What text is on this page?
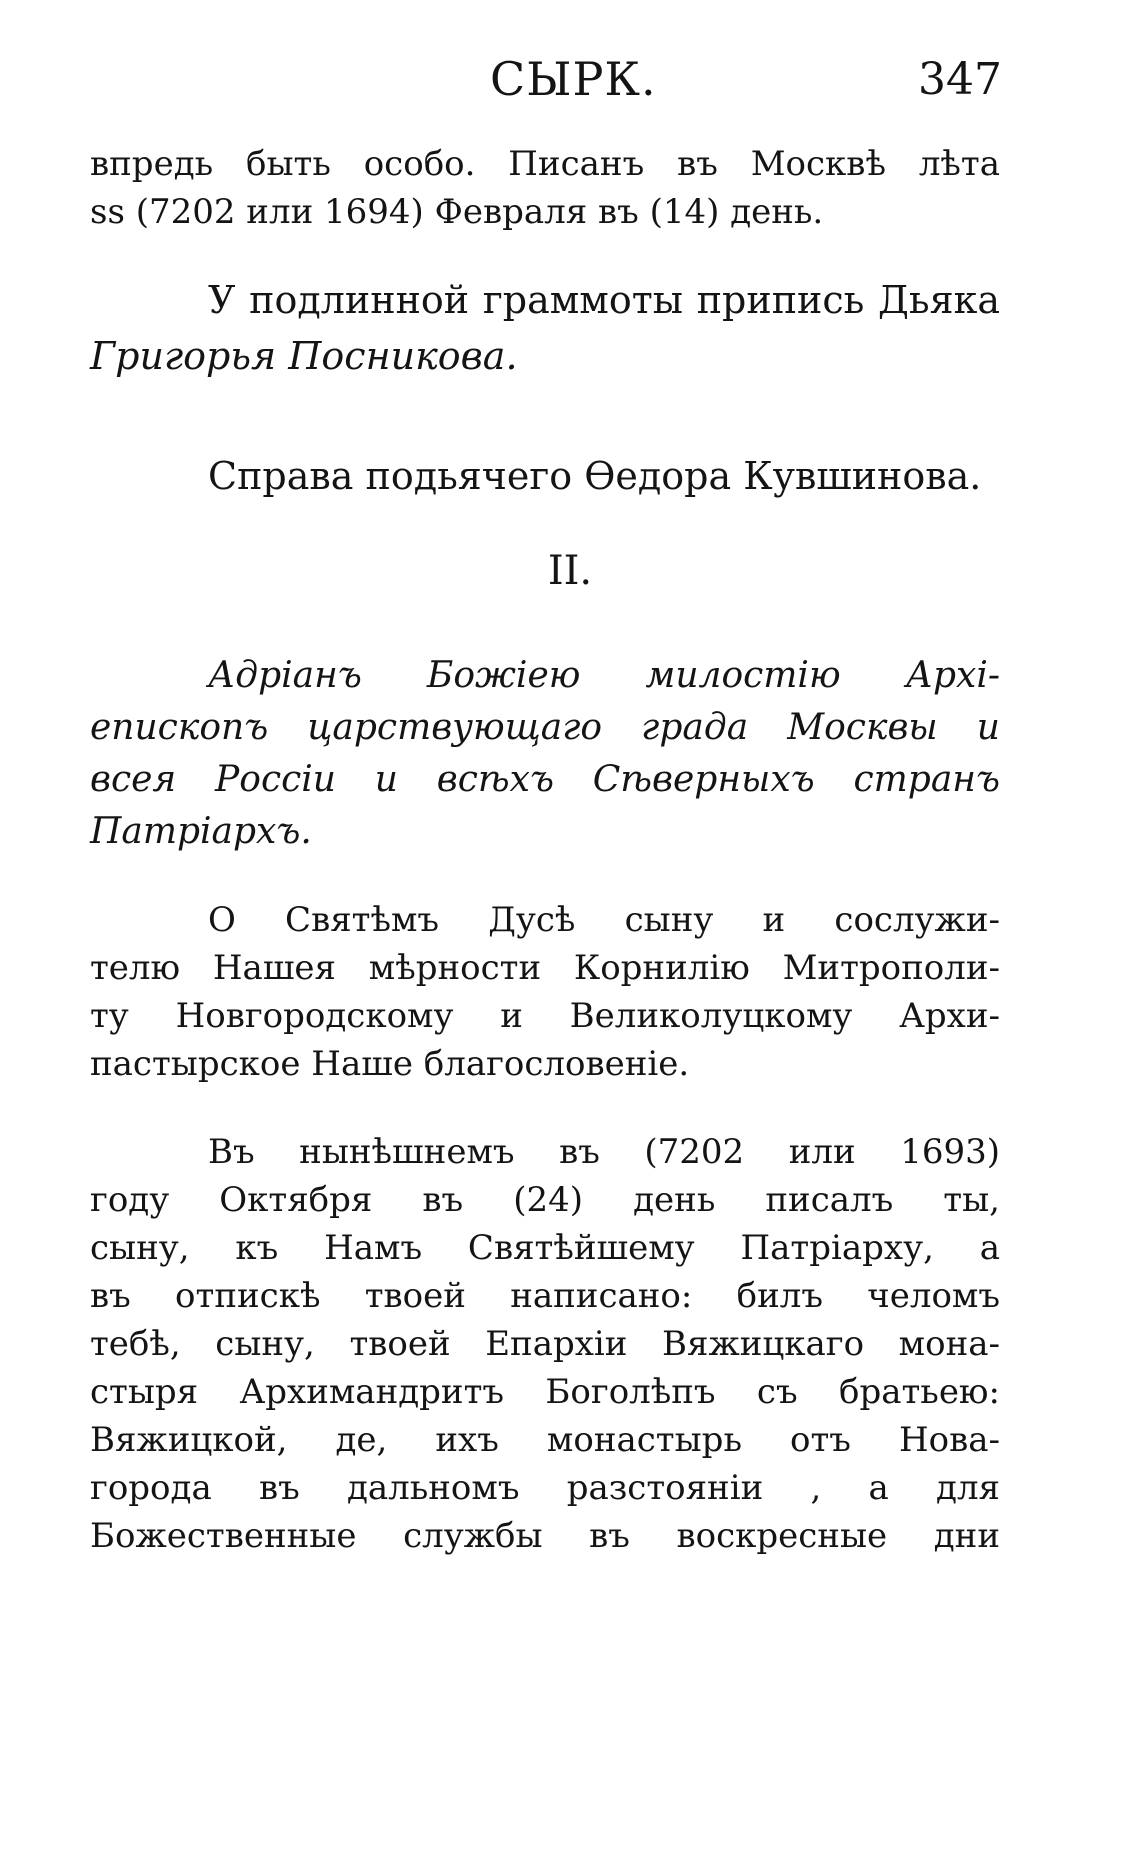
СЫРК.	347
впредь быть особо. Писанъ въ Москвѣ лѣта
ѕѕ (7202 или 1694) Февраля въ (14) день.
У подлинной граммоты припись Дьяка
Григорья Посникова.
Справа подьячего Ѳедора Кувшинова.
II.
Адріанъ Божіею милостію Архі-
епископъ царствующаго града Москвы и
всея Россіи и всѣхъ Сѣверныхъ странъ
Патріархъ.
О Святѣмъ Дусѣ сыну и сослужи-
телю Нашея мѣрности Корнилію Митрополи-
ту Новгородскому и Великолуцкому Архи-
пастырское Наше благословеніе.
Въ нынѣшнемъ въ (7202 или 1693)
году Октября въ (24) день писалъ ты,
сыну, къ Намъ Святѣйшему Патріарху, а
въ отпискѣ твоей написано: билъ челомъ
тебѣ, сыну, твоей Епархіи Вяжицкаго мона-
стыря Архимандритъ Боголѣпъ съ братьею:
Вяжицкой, де, ихъ монастырь отъ Нова-
города въ дальномъ разстояніи , а для
Божественные службы въ воскресные дни
